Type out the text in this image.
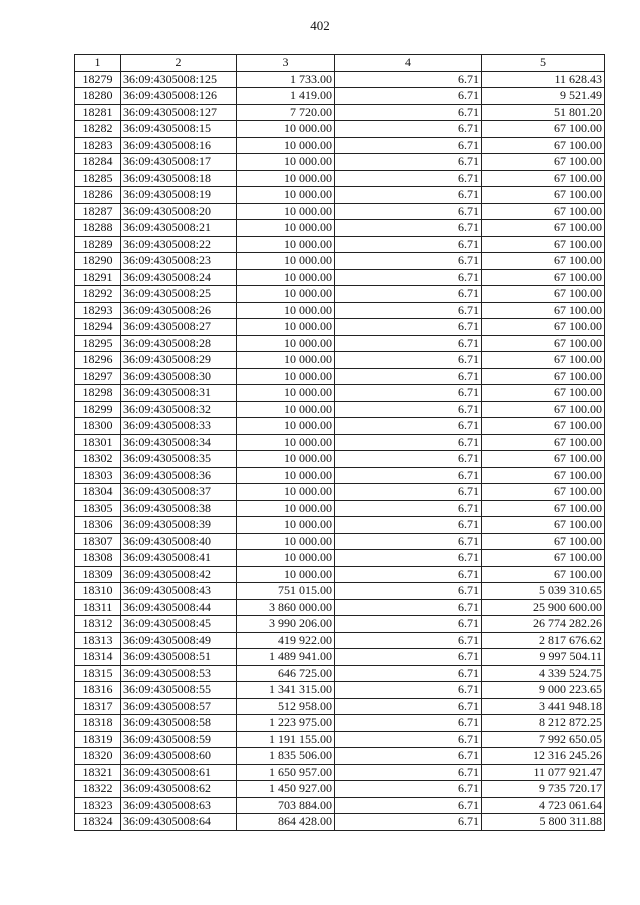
402
1	2	3	4	5
18279	36:09:4305008:125	1 733.00	6.71	11 628.43
18280	36:09:4305008:126	1 419.00	6.71	9 521.49
18281	36:09:4305008:127	7 720.00	6.71	51 801.20
18282	36:09:4305008:15	10 000.00	6.71	67 100.00
18283	36:09:4305008:16	10 000.00	6.71	67 100.00
18284	36:09:4305008:17	10 000.00	6.71	67 100.00
18285	36:09:4305008:18	10 000.00	6.71	67 100.00
18286	36:09:4305008:19	10 000.00	6.71	67 100.00
18287	36:09:4305008:20	10 000.00	6.71	67 100.00
18288	36:09:4305008:21	10 000.00	6.71	67 100.00
18289	36:09:4305008:22	10 000.00	6.71	67 100.00
18290	36:09:4305008:23	10 000.00	6.71	67 100.00
18291	36:09:4305008:24	10 000.00	6.71	67 100.00
18292	36:09:4305008:25	10 000.00	6.71	67 100.00
18293	36:09:4305008:26	10 000.00	6.71	67 100.00
18294	36:09:4305008:27	10 000.00	6.71	67 100.00
18295	36:09:4305008:28	10 000.00	6.71	67 100.00
18296	36:09:4305008:29	10 000.00	6.71	67 100.00
18297	36:09:4305008:30	10 000.00	6.71	67 100.00
18298	36:09:4305008:31	10 000.00	6.71	67 100.00
18299	36:09:4305008:32	10 000.00	6.71	67 100.00
18300	36:09:4305008:33	10 000.00	6.71	67 100.00
18301	36:09:4305008:34	10 000.00	6.71	67 100.00
18302	36:09:4305008:35	10 000.00	6.71	67 100.00
18303	36:09:4305008:36	10 000.00	6.71	67 100.00
18304	36:09:4305008:37	10 000.00	6.71	67 100.00
18305	36:09:4305008:38	10 000.00	6.71	67 100.00
18306	36:09:4305008:39	10 000.00	6.71	67 100.00
18307	36:09:4305008:40	10 000.00	6.71	67 100.00
18308	36:09:4305008:41	10 000.00	6.71	67 100.00
18309	36:09:4305008:42	10 000.00	6.71	67 100.00
18310	36:09:4305008:43	751 015.00	6.71	5 039 310.65
18311	36:09:4305008:44	3 860 000.00	6.71	25 900 600.00
18312	36:09:4305008:45	3 990 206.00	6.71	26 774 282.26
18313	36:09:4305008:49	419 922.00	6.71	2 817 676.62
18314	36:09:4305008:51	1 489 941.00	6.71	9 997 504.11
18315	36:09:4305008:53	646 725.00	6.71	4 339 524.75
18316	36:09:4305008:55	1 341 315.00	6.71	9 000 223.65
18317	36:09:4305008:57	512 958.00	6.71	3 441 948.18
18318	36:09:4305008:58	1 223 975.00	6.71	8 212 872.25
18319	36:09:4305008:59	1 191 155.00	6.71	7 992 650.05
18320	36:09:4305008:60	1 835 506.00	6.71	12 316 245.26
18321	36:09:4305008:61	1 650 957.00	6.71	11 077 921.47
18322	36:09:4305008:62	1 450 927.00	6.71	9 735 720.17
18323	36:09:4305008:63	703 884.00	6.71	4 723 061.64
18324	36:09:4305008:64	864 428.00	6.71	5 800 311.88
